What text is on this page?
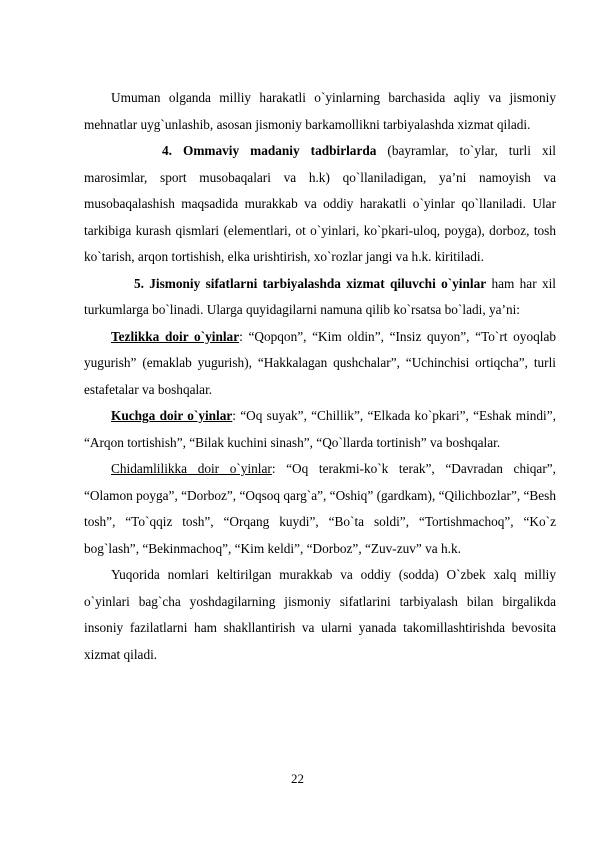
Umuman olganda milliy harakatli o`yinlarning barchasida aqliy va jismoniy mehnatlar uyg`unlashib, asosan jismoniy barkamollikni tarbiyalashda xizmat qiladi.

4. Ommaviy madaniy tadbirlarda (bayramlar, to`ylar, turli xil marosimlar, sport musobaqalari va h.k) qo`llaniladigan, ya’ni namoyish va musobaqalashish maqsadida murakkab va oddiy harakatli o`yinlar qo`llaniladi. Ular tarkibiga kurash qismlari (elementlari, ot o`yinlari, ko`pkari-uloq, poyga), dorboz, tosh ko`tarish, arqon tortishish, elka urishtirish, xo`rozlar jangi va h.k. kiritiladi.

5. Jismoniy sifatlarni tarbiyalashda xizmat qiluvchi o`yinlar ham har xil turkumlarga bo`linadi. Ularga quyidagilarni namuna qilib ko`rsatsa bo`ladi, ya’ni:

Tezlikka doir o`yinlar: “Qopqon”, “Kim oldin”, “Insiz quyon”, “To`rt oyoqlab yugurish” (emaklab yugurish), “Hakkalagan qushchalar”, “Uchinchisi ortiqcha”, turli estafetalar va boshqalar.

Kuchga doir o`yinlar: “Oq suyak”, “Chillik”, “Elkada ko`pkari”, “Eshak mindi”, “Arqon tortishish”, “Bilak kuchini sinash”, “Qo`llarda tortinish” va boshqalar.

Chidamlilikka doir o`yinlar: “Oq terakmi-ko`k terak”, “Davradan chiqar”, “Olamon poyga”, “Dorboz”, “Oqsoq qarg`a”, “Oshiq” (gardkam), “Qilichbozlar”, “Besh tosh”, “To`qqiz tosh”, “Orqang kuydi”, “Bo`ta soldi”, “Tortishmachoq”, “Ko`z bog`lash”, “Bekinmachoq”, “Kim keldi”, “Dorboz”, “Zuv-zuv” va h.k.

Yuqorida nomlari keltirilgan murakkab va oddiy (sodda) O`zbek xalq milliy o`yinlari bag`cha yoshdagilarning jismoniy sifatlarini tarbiyalash bilan birgalikda insoniy fazilatlarni ham shakllantirish va ularni yanada takomillashtirishda bevosita xizmat qiladi.

22
